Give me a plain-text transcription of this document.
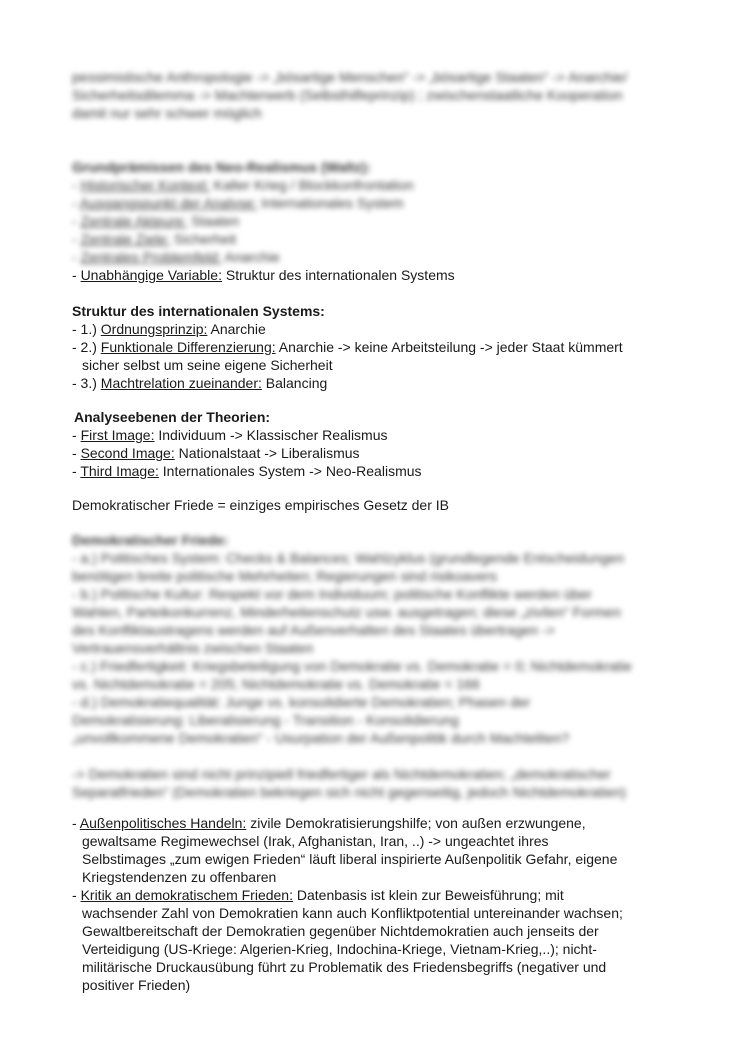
pessimistische Anthropologie -> „bösartige Menschen“ -> „bösartige Staaten“ -> Anarchie/
Sicherheitsdilemma -> Machterwerb (Selbsthilfeprinzip) ; zwischenstaatliche Kooperation
damit nur sehr schwer möglich
Grundprämissen des Neo-Realismus (Waltz):
- Historischer Kontext: Kalter Krieg / Blockkonfrontation
- Ausgangspunkt der Analyse: Internationales System
- Zentrale Akteure: Staaten
- Zentrale Ziele: Sicherheit
- Zentrales Problemfeld: Anarchie
- Unabhängige Variable: Struktur des internationalen Systems
Struktur des internationalen Systems:
- 1.) Ordnungsprinzip: Anarchie
- 2.) Funktionale Differenzierung: Anarchie -> keine Arbeitsteilung -> jeder Staat kümmert
sicher selbst um seine eigene Sicherheit
- 3.) Machtrelation zueinander: Balancing
Analyseebenen der Theorien:
- First Image: Individuum -> Klassischer Realismus
- Second Image: Nationalstaat -> Liberalismus
- Third Image: Internationales System -> Neo-Realismus
Demokratischer Friede = einziges empirisches Gesetz der IB
Demokratischer Friede:
- a.) Politisches System: Checks & Balances; Wahlzyklus (grundlegende Entscheidungen
benötigen breite politische Mehrheiten; Regierungen sind risikoavers
- b.) Politische Kultur: Respekt vor dem Individuum; politische Konflikte werden über
Wahlen, Parteikonkurrenz, Minderheitenschutz usw. ausgetragen; diese „zivilen“ Formen
des Konfliktaustragens werden auf Außenverhalten des Staates übertragen ->
Vertrauensverhältnis zwischen Staaten
- c.) Friedfertigkeit: Kriegsbeteiligung von Demokratie vs. Demokratie = 0; Nichtdemokratie
vs. Nichtdemokratie = 205; Nichtdemokratie vs. Demokratie = 166
- d.) Demokratiequalität: Junge vs. konsolidierte Demokratien; Phasen der
Demokratisierung: Liberalisierung - Transition - Konsolidierung
„unvollkommene Demokratien“ - Usurpation der Außenpolitik durch Machteliten?
-> Demokratien sind nicht prinzipiell friedfertiger als Nichtdemokratien; „demokratischer
Separatfrieden“ (Demokratien bekriegen sich nicht gegenseitig, jedoch Nichtdemokratien)
- Außenpolitisches Handeln: zivile Demokratisierungshilfe; von außen erzwungene,
gewaltsame Regimewechsel (Irak, Afghanistan, Iran, ..) -> ungeachtet ihres
Selbstimages „zum ewigen Frieden“ läuft liberal inspirierte Außenpolitik Gefahr, eigene
Kriegstendenzen zu offenbaren
- Kritik an demokratischem Frieden: Datenbasis ist klein zur Beweisführung; mit
wachsender Zahl von Demokratien kann auch Konfliktpotential untereinander wachsen;
Gewaltbereitschaft der Demokratien gegenüber Nichtdemokratien auch jenseits der
Verteidigung (US-Kriege: Algerien-Krieg, Indochina-Kriege, Vietnam-Krieg,..); nicht-
militärische Druckausübung führt zu Problematik des Friedensbegriffs (negativer und
positiver Frieden)
